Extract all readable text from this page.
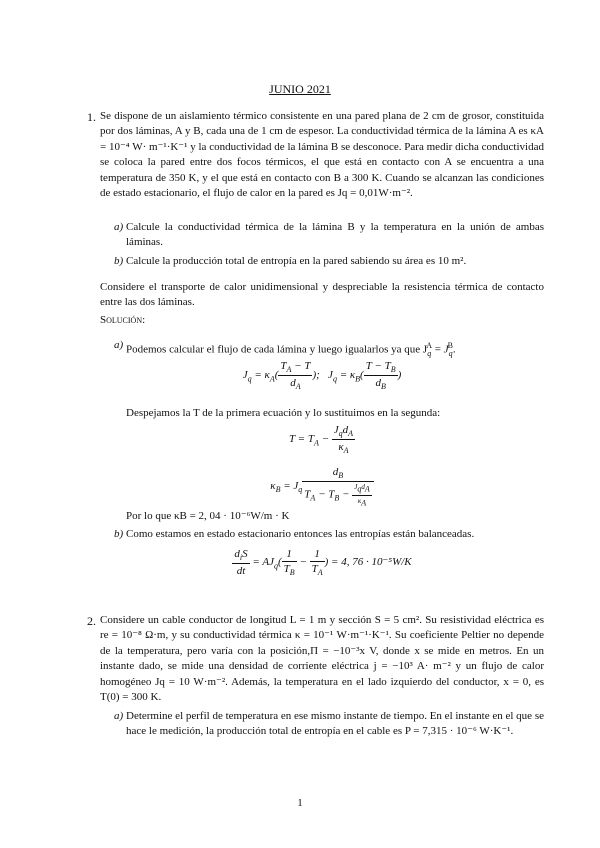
JUNIO 2021
1. Se dispone de un aislamiento térmico consistente en una pared plana de 2 cm de grosor, constituida por dos láminas, A y B, cada una de 1 cm de espesor. La conductividad térmica de la lámina A es κA = 10⁻⁴ W· m⁻¹·K⁻¹ y la conductividad de la lámina B se desconoce. Para medir dicha conductividad se coloca la pared entre dos focos térmicos, el que está en contacto con A se encuentra a una temperatura de 350 K, y el que está en contacto con B a 300 K. Cuando se alcanzan las condiciones de estado estacionario, el flujo de calor en la pared es Jq = 0,01W·m⁻².
a) Calcule la conductividad térmica de la lámina B y la temperatura en la unión de ambas láminas.
b) Calcule la producción total de entropía en la pared sabiendo su área es 10 m².
Considere el transporte de calor unidimensional y despreciable la resistencia térmica de contacto entre las dos láminas.
Solución:
a) Podemos calcular el flujo de cada lámina y luego igualarlos ya que $J_q^A = J_q^B$.
$J_q = \kappa_A( \frac{T_A - T}{d_A}$ );   $J_q = \kappa_B( \frac{T - T_B}{d_B}$ )
Despejamos la T de la primera ecuación y lo sustituimos en la segunda:
$T = T_A - \frac{J_qd_A}{\kappa_A}$
$\kappa_B = J_q \frac{d_B}{T_A - T_B - \frac{\text{JqdA}}{\kappa A}}$
Por lo que κB = 2, 04 · 10⁻⁶W/m · K
b) Como estamos en estado estacionario entonces las entropías están balanceadas.
$\frac{d_iS}{dt} = AJ_q( \frac{1}{T_B} - \frac{1}{T_A}$ ) = 4, 76 · 10⁻⁵W/K
2. Considere un cable conductor de longitud L = 1 m y sección S = 5 cm². Su resistividad eléctrica es re = 10⁻⁸ Ω·m, y su conductividad térmica κ = 10⁻¹ W·m⁻¹·K⁻¹. Su coeficiente Peltier no depende de la temperatura, pero varía con la posición,Π = −10⁻³x V, donde x se mide en metros. En un instante dado, se mide una densidad de corriente eléctrica j = −10³ A· m⁻² y un flujo de calor homogéneo Jq = 10 W·m⁻². Además, la temperatura en el lado izquierdo del conductor, x = 0, es T(0) = 300 K.
a) Determine el perfil de temperatura en ese mismo instante de tiempo. En el instante en el que se hace le medición, la producción total de entropía en el cable es P = 7,315 · 10⁻⁶ W·K⁻¹.
1
